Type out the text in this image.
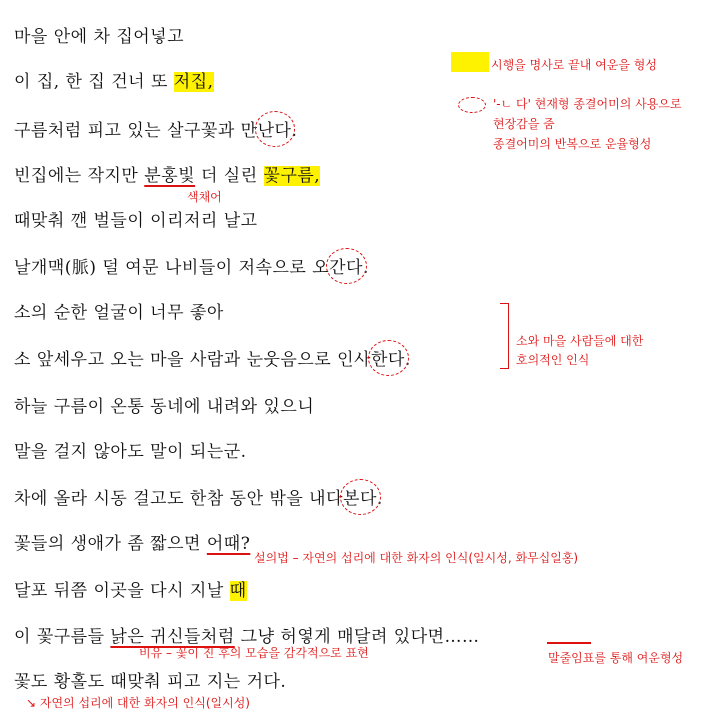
마을 안에 차 집어넣고
이 집, 한 집 건너 또 저집,
구름처럼 피고 있는 살구꽃과 만난다.
빈집에는 작지만 분홍빛 더 실린 꽃구름,
때맞춰 깬 벌들이 이리저리 날고
날개맥(脈) 덜 여문 나비들이 저속으로 오간다.
소의 순한 얼굴이 너무 좋아
소 앞세우고 오는 마을 사람과 눈웃음으로 인사한다.
하늘 구름이 온통 동네에 내려와 있으니
말을 걸지 않아도 말이 되는군.
차에 올라 시동 걸고도 한참 동안 밖을 내다본다.
꽃들의 생애가 좀 짧으면 어때?
달포 뒤쯤 이곳을 다시 지날 때
이 꽃구름들 낡은 귀신들처럼 그냥 허옇게 매달려 있다면……
꽃도 황홀도 때맞춰 피고 지는 거다.
시행을 명사로 끝내 여운을 형성
'-ㄴ 다' 현재형 종결어미의 사용으로
현장감을 줌
종결어미의 반복으로 운율형성
색채어
소와 마을 사람들에 대한
호의적인 인식
설의법 – 자연의 섭리에 대한 화자의 인식(일시성, 화무십일홍)
비유 – 꽃이 진 후의 모습을 감각적으로 표현	말줄임표를 통해 여운형성
↘ 자연의 섭리에 대한 화자의 인식(일시성)
